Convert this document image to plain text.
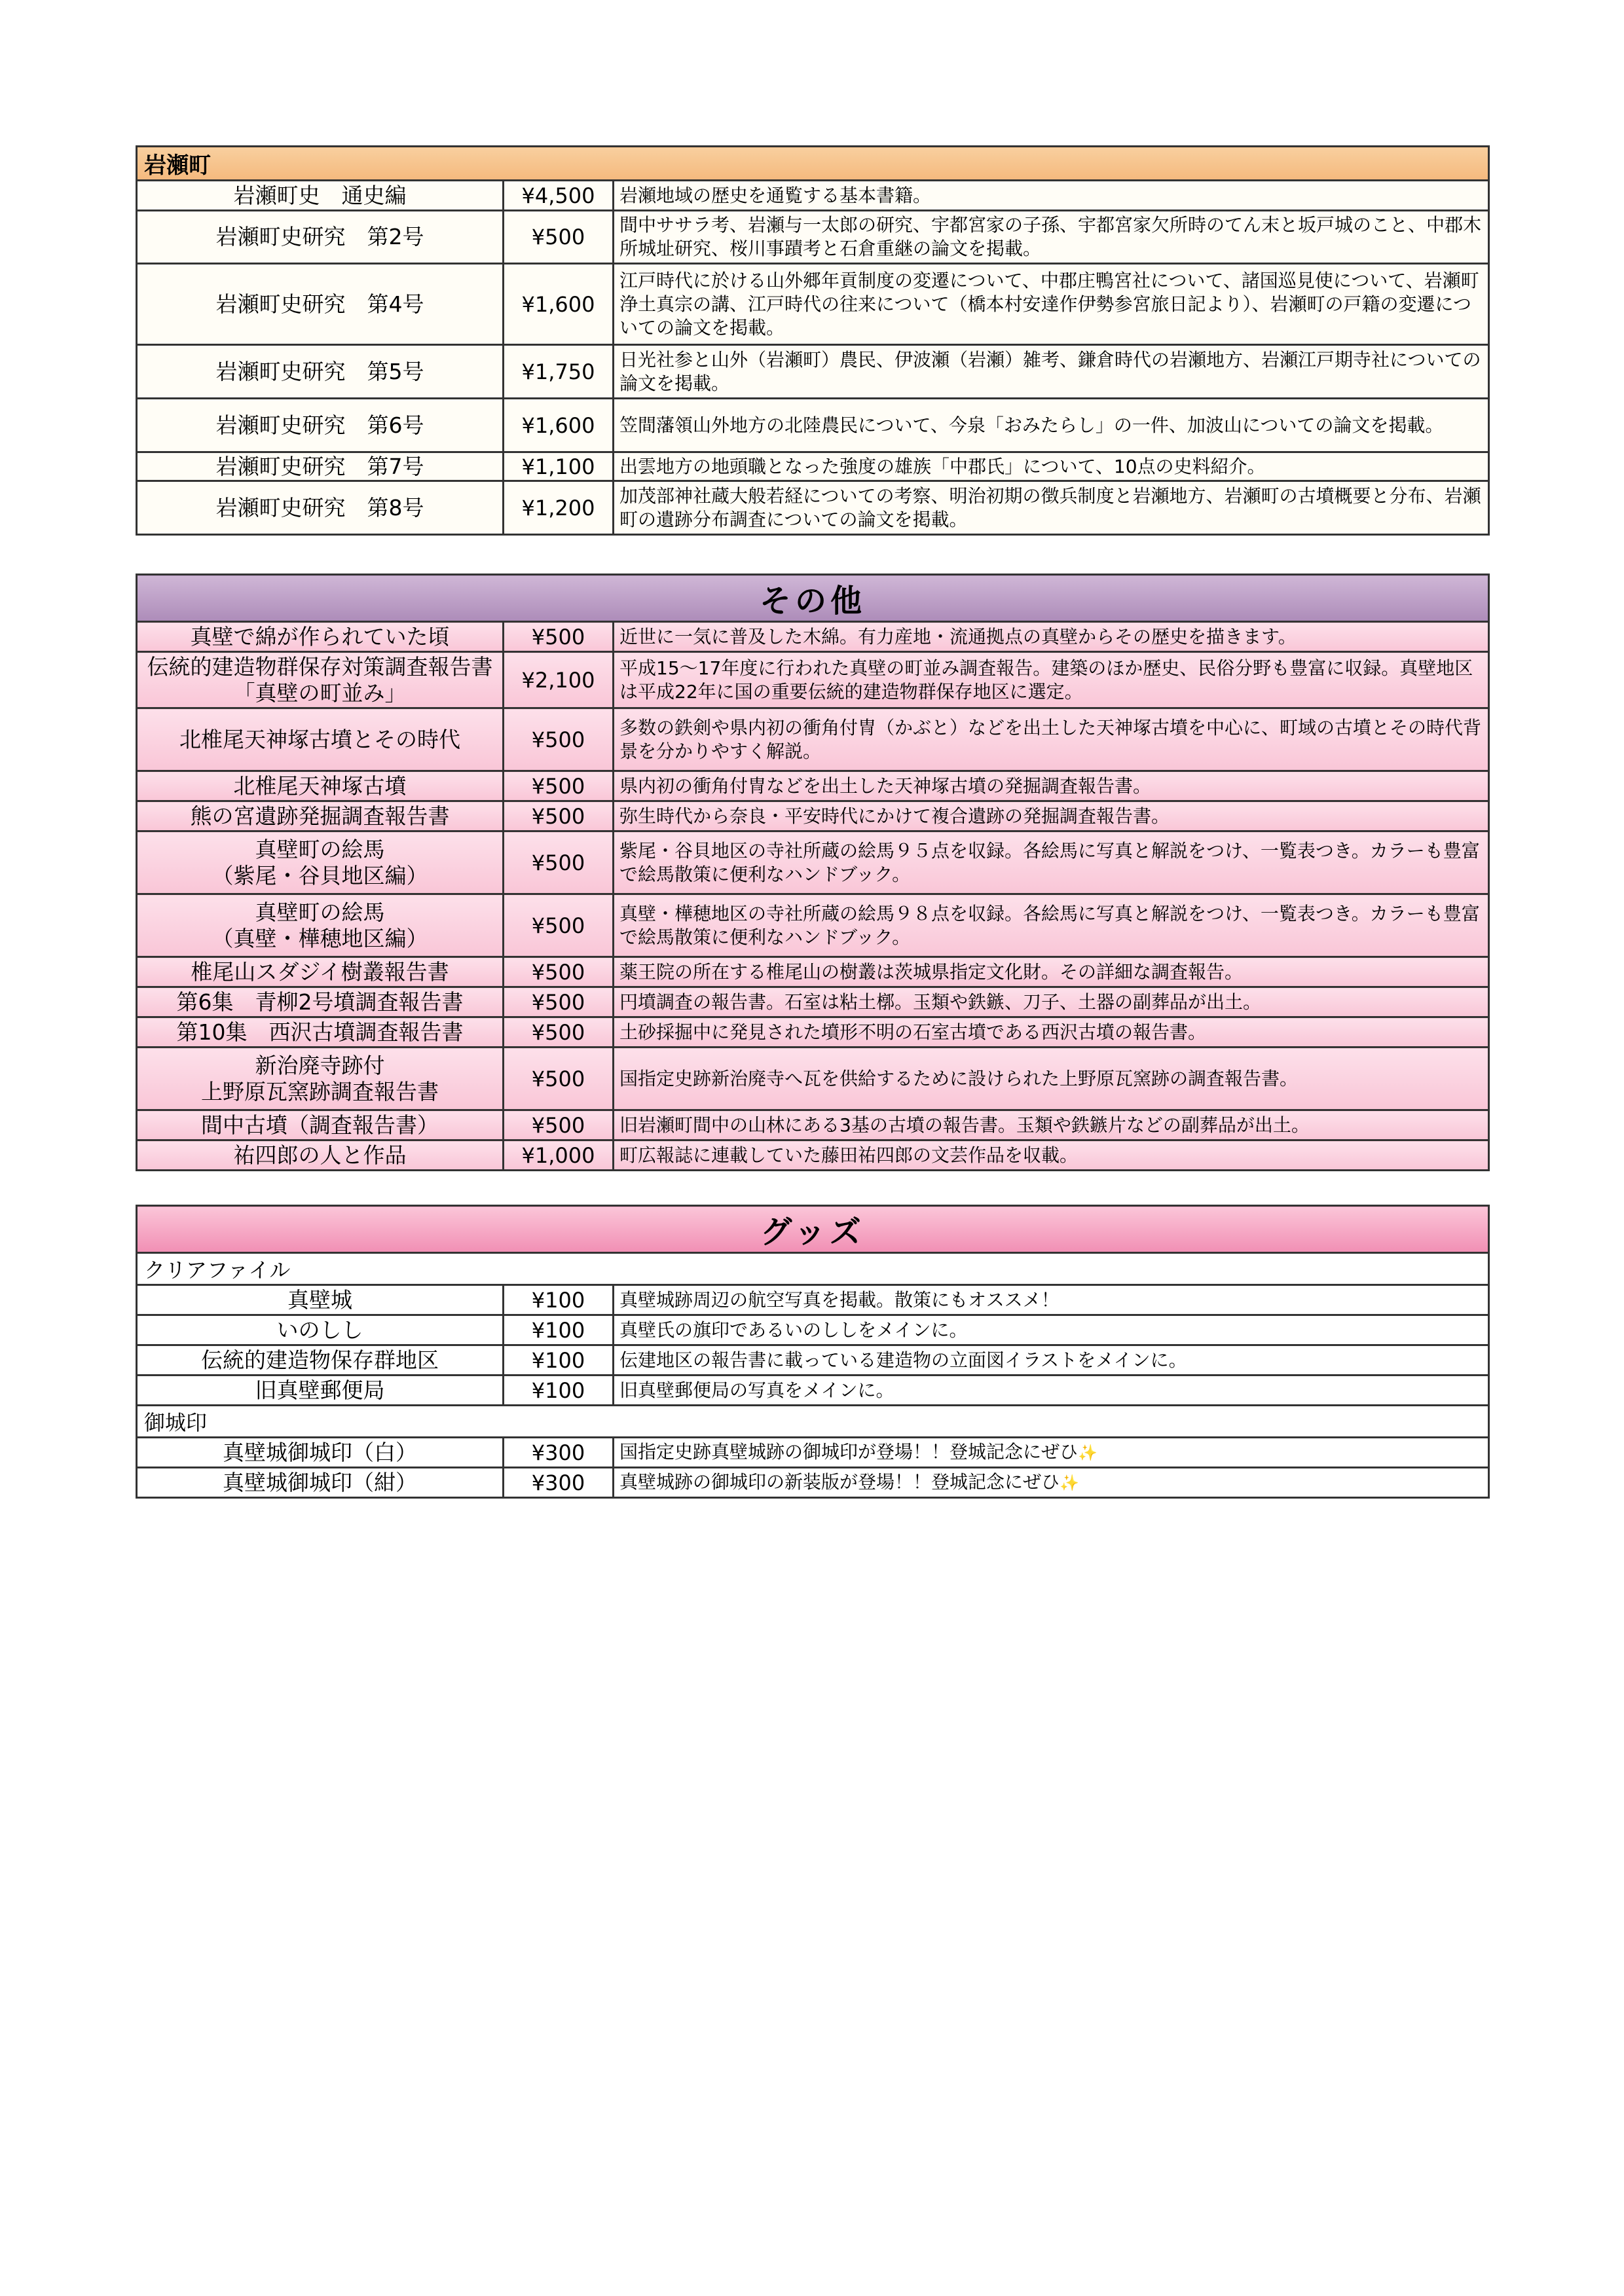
岩瀬町		
岩瀬町史　通史編	¥4,500	岩瀬地域の歴史を通覧する基本書籍。
岩瀬町史研究　第2号	¥500	間中ササラ考、岩瀬与一太郎の研究、宇都宮家の子孫、宇都宮家欠所時のてん末と坂戸城のこと、中郡木所城址研究、桜川事蹟考と石倉重継の論文を掲載。
岩瀬町史研究　第4号	¥1,600	江戸時代に於ける山外郷年貢制度の変遷について、中郡庄鴨宮社について、諸国巡見使について、岩瀬町浄土真宗の講、江戸時代の往来について（橋本村安達作伊勢参宮旅日記より）、岩瀬町の戸籍の変遷についての論文を掲載。
岩瀬町史研究　第5号	¥1,750	日光社参と山外（岩瀬町）農民、伊波瀬（岩瀬）雑考、鎌倉時代の岩瀬地方、岩瀬江戸期寺社についての論文を掲載。
岩瀬町史研究　第6号	¥1,600	笠間藩領山外地方の北陸農民について、今泉「おみたらし」の一件、加波山についての論文を掲載。
岩瀬町史研究　第7号	¥1,100	出雲地方の地頭職となった強度の雄族「中郡氏」について、10点の史料紹介。
岩瀬町史研究　第8号	¥1,200	加茂部神社蔵大般若経についての考察、明治初期の徴兵制度と岩瀬地方、岩瀬町の古墳概要と分布、岩瀬町の遺跡分布調査についての論文を掲載。
その他		
真壁で綿が作られていた頃	¥500	近世に一気に普及した木綿。有力産地・流通拠点の真壁からその歴史を描きます。
伝統的建造物群保存対策調査報告書「真壁の町並み」	¥2,100	平成15～17年度に行われた真壁の町並み調査報告。建築のほか歴史、民俗分野も豊富に収録。真壁地区は平成22年に国の重要伝統的建造物群保存地区に選定。
北椎尾天神塚古墳とその時代	¥500	多数の鉄剣や県内初の衝角付冑（かぶと）などを出土した天神塚古墳を中心に、町域の古墳とその時代背景を分かりやすく解説。
北椎尾天神塚古墳	¥500	県内初の衝角付冑などを出土した天神塚古墳の発掘調査報告書。
熊の宮遺跡発掘調査報告書	¥500	弥生時代から奈良・平安時代にかけて複合遺跡の発掘調査報告書。
真壁町の絵馬
（紫尾・谷貝地区編）	¥500	紫尾・谷貝地区の寺社所蔵の絵馬９５点を収録。各絵馬に写真と解説をつけ、一覧表つき。カラーも豊富で絵馬散策に便利なハンドブック。
真壁町の絵馬
（真壁・樺穂地区編）	¥500	真壁・樺穂地区の寺社所蔵の絵馬９８点を収録。各絵馬に写真と解説をつけ、一覧表つき。カラーも豊富で絵馬散策に便利なハンドブック。
椎尾山スダジイ樹叢報告書	¥500	薬王院の所在する椎尾山の樹叢は茨城県指定文化財。その詳細な調査報告。
第6集　青柳2号墳調査報告書	¥500	円墳調査の報告書。石室は粘土槨。玉類や鉄鏃、刀子、土器の副葬品が出土。
第10集　西沢古墳調査報告書	¥500	土砂採掘中に発見された墳形不明の石室古墳である西沢古墳の報告書。
新治廃寺跡付
上野原瓦窯跡調査報告書	¥500	国指定史跡新治廃寺へ瓦を供給するために設けられた上野原瓦窯跡の調査報告書。
間中古墳（調査報告書）	¥500	旧岩瀬町間中の山林にある3基の古墳の報告書。玉類や鉄鏃片などの副葬品が出土。
祐四郎の人と作品	¥1,000	町広報誌に連載していた藤田祐四郎の文芸作品を収載。
グッズ		
クリアファイル		
真壁城	¥100	真壁城跡周辺の航空写真を掲載。散策にもオススメ！
いのしし	¥100	真壁氏の旗印であるいのししをメインに。
伝統的建造物保存群地区	¥100	伝建地区の報告書に載っている建造物の立面図イラストをメインに。
旧真壁郵便局	¥100	旧真壁郵便局の写真をメインに。
御城印		
真壁城御城印（白）	¥300	国指定史跡真壁城跡の御城印が登場！！登城記念にぜひ✨
真壁城御城印（紺）	¥300	真壁城跡の御城印の新装版が登場！！登城記念にぜひ✨
